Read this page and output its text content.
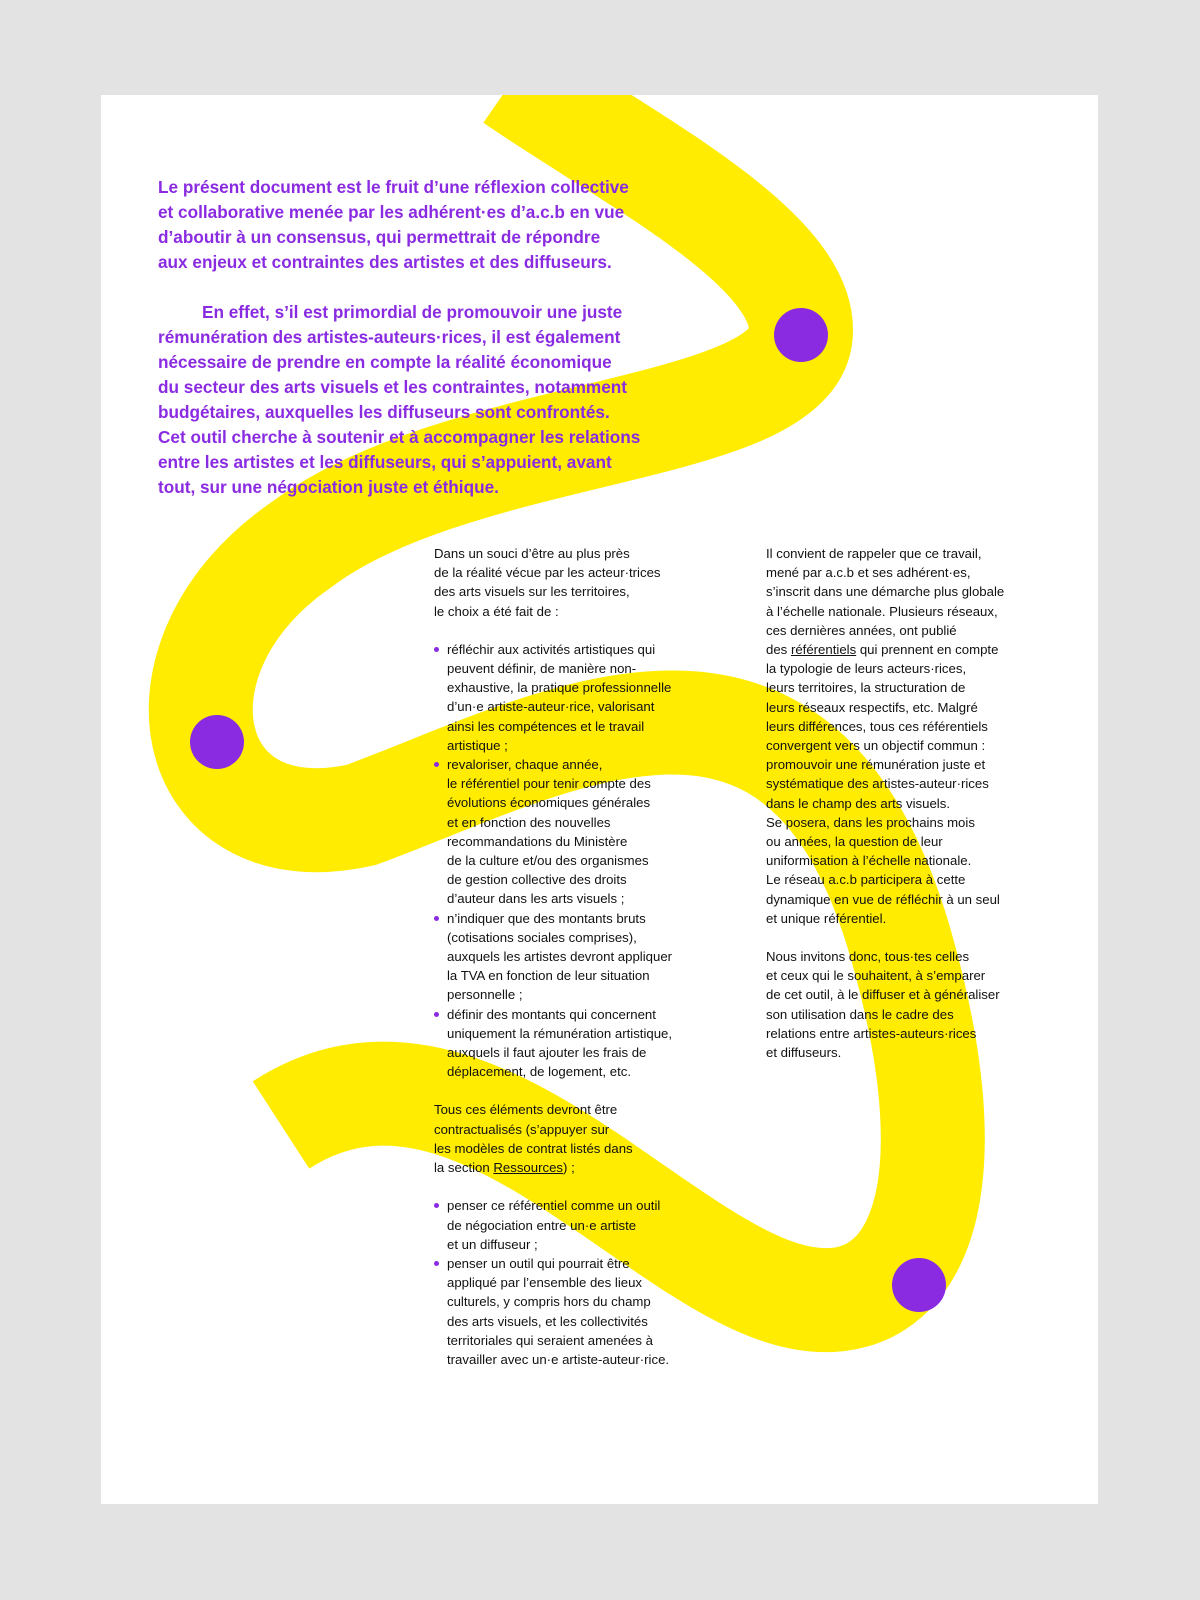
Le présent document est le fruit d’une réflexion collective
et collaborative menée par les adhérent·es d’a.c.b en vue
d’aboutir à un consensus, qui permettrait de répondre
aux enjeux et contraintes des artistes et des diffuseurs.

En effet, s’il est primordial de promouvoir une juste
rémunération des artistes-auteurs·rices, il est également
nécessaire de prendre en compte la réalité économique
du secteur des arts visuels et les contraintes, notamment
budgétaires, auxquelles les diffuseurs sont confrontés.
Cet outil cherche à soutenir et à accompagner les relations
entre les artistes et les diffuseurs, qui s’appuient, avant
tout, sur une négociation juste et éthique.

Dans un souci d’être au plus près
de la réalité vécue par les acteur·trices
des arts visuels sur les territoires,
le choix a été fait de :

réfléchir aux activités artistiques qui
peuvent définir, de manière non-
exhaustive, la pratique professionnelle
d’un·e artiste-auteur·rice, valorisant
ainsi les compétences et le travail
artistique ;
revaloriser, chaque année,
le référentiel pour tenir compte des
évolutions économiques générales
et en fonction des nouvelles
recommandations du Ministère
de la culture et/ou des organismes
de gestion collective des droits
d’auteur dans les arts visuels ;
n’indiquer que des montants bruts
(cotisations sociales comprises),
auxquels les artistes devront appliquer
la TVA en fonction de leur situation
personnelle ;
définir des montants qui concernent
uniquement la rémunération artistique,
auxquels il faut ajouter les frais de
déplacement, de logement, etc.

Tous ces éléments devront être
contractualisés (s’appuyer sur
les modèles de contrat listés dans
la section Ressources) ;

penser ce référentiel comme un outil
de négociation entre un·e artiste
et un diffuseur ;
penser un outil qui pourrait être
appliqué par l’ensemble des lieux
culturels, y compris hors du champ
des arts visuels, et les collectivités
territoriales qui seraient amenées à
travailler avec un·e artiste-auteur·rice.

Il convient de rappeler que ce travail,
mené par a.c.b et ses adhérent·es,
s’inscrit dans une démarche plus globale
à l’échelle nationale. Plusieurs réseaux,
ces dernières années, ont publié
des référentiels qui prennent en compte
la typologie de leurs acteurs·rices,
leurs territoires, la structuration de
leurs réseaux respectifs, etc. Malgré
leurs différences, tous ces référentiels
convergent vers un objectif commun :
promouvoir une rémunération juste et
systématique des artistes-auteur·rices
dans le champ des arts visuels.
Se posera, dans les prochains mois
ou années, la question de leur
uniformisation à l’échelle nationale.
Le réseau a.c.b participera à cette
dynamique en vue de réfléchir à un seul
et unique référentiel.

Nous invitons donc, tous·tes celles
et ceux qui le souhaitent, à s’emparer
de cet outil, à le diffuser et à généraliser
son utilisation dans le cadre des
relations entre artistes-auteurs·rices
et diffuseurs.
